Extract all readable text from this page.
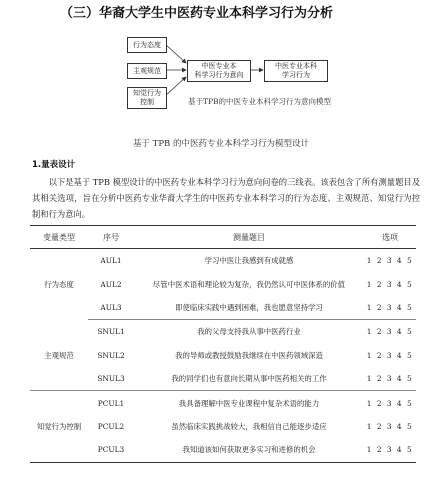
（三）华裔大学生中医药专业本科学习行为分析
行为态度
主观规范
知觉行为
控制
中医专业本
科学习行为意向
中医专业本科
学习行为
基于TPB的中医专业本科学习行为意向模型
基于 TPB 的中医药专业本科学习行为模型设计
1.量表设计
以下是基于 TPB 模型设计的中医药专业本科学习行为意向问卷的三线表。该表包含了所有测量题目及其相关选项，旨在分析中医药专业华裔大学生的中医药专业本科学习的行为态度、主观规范、知觉行为控制和行为意向。
变量类型	序号	测量题目	选项
行为态度	AUL1	学习中医让我感到有成就感	1 2 3 4 5
	AUL2	尽管中医术语和理论较为复杂，我仍然认可中医体系的价值	1 2 3 4 5
	AUL3	即使临床实践中遇到困难，我也愿意坚持学习	1 2 3 4 5
主观规范	SNUL1	我的父母支持我从事中医药行业	1 2 3 4 5
	SNUL2	我的导师或教授鼓励我继续在中医药领域深造	1 2 3 4 5
	SNUL3	我的同学们也有意向长期从事中医药相关的工作	1 2 3 4 5
知觉行为控制	PCUL1	我具备理解中医专业课程中复杂术语的能力	1 2 3 4 5
	PCUL2	虽然临床实践挑战较大，我相信自己能逐步适应	1 2 3 4 5
	PCUL3	我知道该如何获取更多实习和进修的机会	1 2 3 4 5
